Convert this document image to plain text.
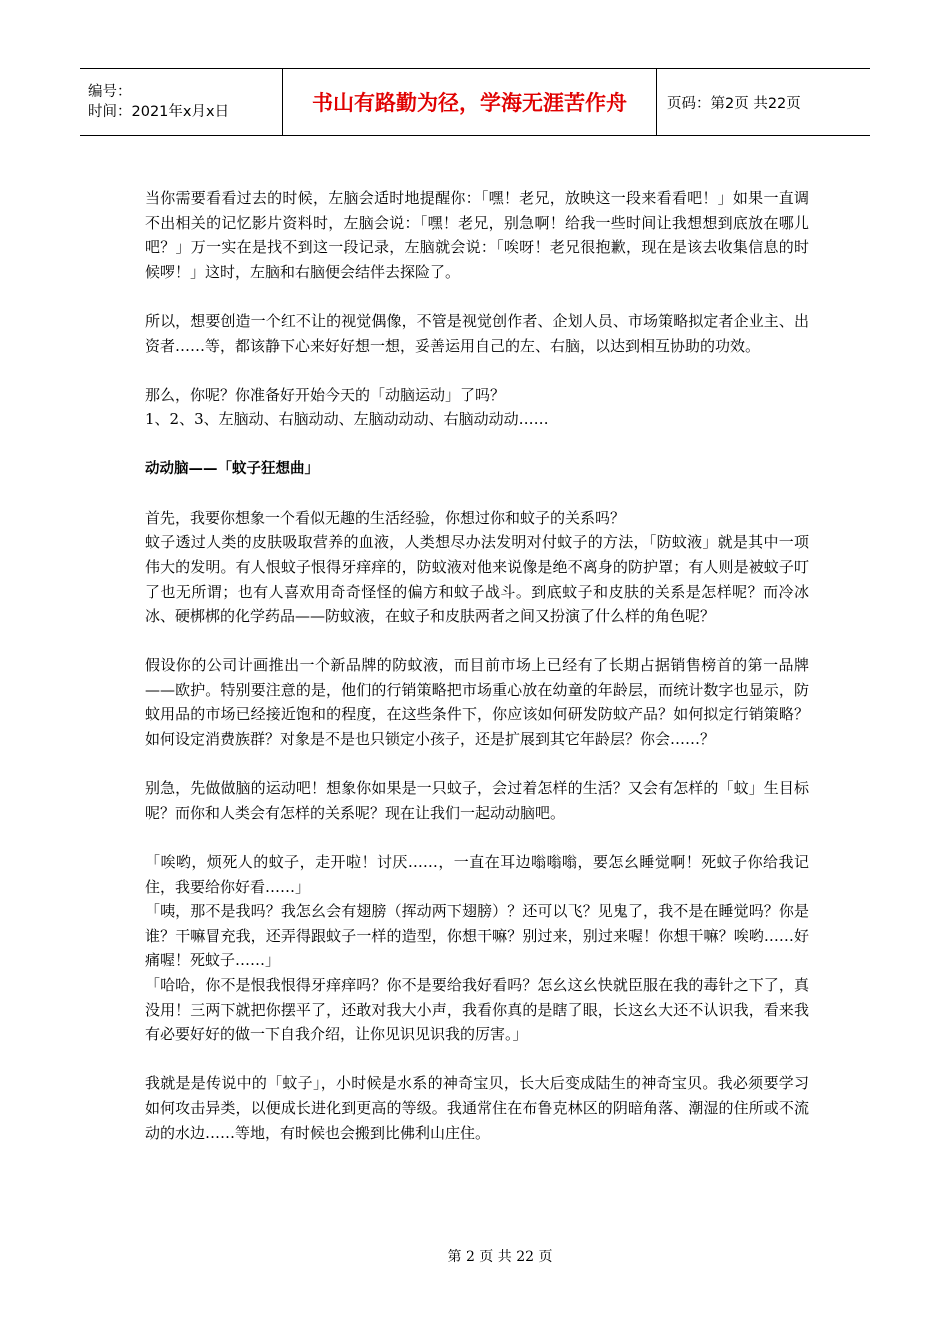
编号：
时间：2021年x月x日	书山有路勤为径，学海无涯苦作舟	页码：第2页 共22页

当你需要看看过去的时候，左脑会适时地提醒你：「嘿！老兄，放映这一段来看看吧！」如果一直调不出相关的记忆影片资料时，左脑会说：「嘿！老兄，别急啊！给我一些时间让我想想到底放在哪儿吧？」万一实在是找不到这一段记录，左脑就会说：「唉呀！老兄很抱歉，现在是该去收集信息的时候啰！」这时，左脑和右脑便会结伴去探险了。

所以，想要创造一个红不让的视觉偶像，不管是视觉创作者、企划人员、市场策略拟定者企业主、出资者……等，都该静下心来好好想一想，妥善运用自己的左、右脑，以达到相互协助的功效。

那么，你呢？你准备好开始今天的「动脑运动」了吗？

1、2、3、左脑动、右脑动动、左脑动动动、右脑动动动……

动动脑——「蚊子狂想曲」

首先，我要你想象一个看似无趣的生活经验，你想过你和蚊子的关系吗？

蚊子透过人类的皮肤吸取营养的血液，人类想尽办法发明对付蚊子的方法，「防蚊液」就是其中一项伟大的发明。有人恨蚊子恨得牙痒痒的，防蚊液对他来说像是绝不离身的防护罩；有人则是被蚊子叮了也无所谓；也有人喜欢用奇奇怪怪的偏方和蚊子战斗。到底蚊子和皮肤的关系是怎样呢？而冷冰冰、硬梆梆的化学药品——防蚊液，在蚊子和皮肤两者之间又扮演了什么样的角色呢？

假设你的公司计画推出一个新品牌的防蚊液，而目前市场上已经有了长期占据销售榜首的第一品牌——欧护。特别要注意的是，他们的行销策略把市场重心放在幼童的年龄层，而统计数字也显示，防蚊用品的市场已经接近饱和的程度，在这些条件下，你应该如何研发防蚊产品？如何拟定行销策略？如何设定消费族群？对象是不是也只锁定小孩子，还是扩展到其它年龄层？你会……？

别急，先做做脑的运动吧！想象你如果是一只蚊子，会过着怎样的生活？又会有怎样的「蚊」生目标呢？而你和人类会有怎样的关系呢？现在让我们一起动动脑吧。

「唉哟，烦死人的蚊子，走开啦！讨厌……，一直在耳边嗡嗡嗡，要怎幺睡觉啊！死蚊子你给我记住，我要给你好看……」

「咦，那不是我吗？我怎幺会有翅膀（挥动两下翅膀）？还可以飞？见鬼了，我不是在睡觉吗？你是谁？干嘛冒充我，还弄得跟蚊子一样的造型，你想干嘛？别过来，别过来喔！你想干嘛？唉哟……好痛喔！死蚊子……」

「哈哈，你不是恨我恨得牙痒痒吗？你不是要给我好看吗？怎幺这幺快就臣服在我的毒针之下了，真没用！三两下就把你摆平了，还敢对我大小声，我看你真的是瞎了眼，长这幺大还不认识我，看来我有必要好好的做一下自我介绍，让你见识见识我的厉害。」

我就是是传说中的「蚊子」，小时候是水系的神奇宝贝，长大后变成陆生的神奇宝贝。我必须要学习如何攻击异类，以便成长进化到更高的等级。我通常住在布鲁克林区的阴暗角落、潮湿的住所或不流动的水边……等地，有时候也会搬到比佛利山庄住。

第 2 页 共 22 页
